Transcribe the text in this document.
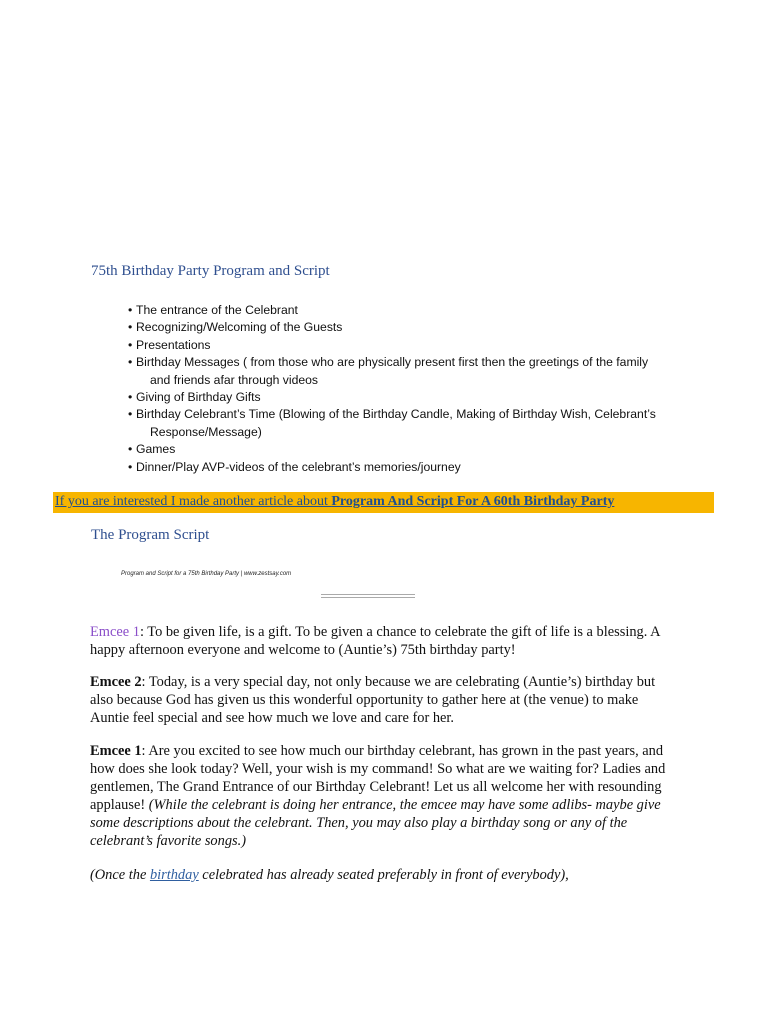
75th Birthday Party Program and Script
• The entrance of the Celebrant
• Recognizing/Welcoming of the Guests
• Presentations
• Birthday Messages ( from those who are physically present first then the greetings of the family
and friends afar through videos
• Giving of Birthday Gifts
• Birthday Celebrant’s Time (Blowing of the Birthday Candle, Making of Birthday Wish, Celebrant’s
Response/Message)
• Games
• Dinner/Play AVP-videos of the celebrant’s memories/journey
If you are interested I made another article about Program And Script For A 60th Birthday Party
The Program Script
Program and Script for a 75th Birthday Party | www.zestsay.com

Emcee 1: To be given life, is a gift. To be given a chance to celebrate the gift of life is a blessing. A happy afternoon everyone and welcome to (Auntie’s) 75th birthday party!

Emcee 2: Today, is a very special day, not only because we are celebrating (Auntie’s) birthday but also because God has given us this wonderful opportunity to gather here at (the venue) to make Auntie feel special and see how much we love and care for her.

Emcee 1: Are you excited to see how much our birthday celebrant, has grown in the past years, and how does she look today? Well, your wish is my command! So what are we waiting for? Ladies and gentlemen, The Grand Entrance of our Birthday Celebrant! Let us all welcome her with resounding applause! (While the celebrant is doing her entrance, the emcee may have some adlibs- maybe give some descriptions about the celebrant. Then, you may also play a birthday song or any of the celebrant’s favorite songs.)

(Once the birthday celebrated has already seated preferably in front of everybody),
